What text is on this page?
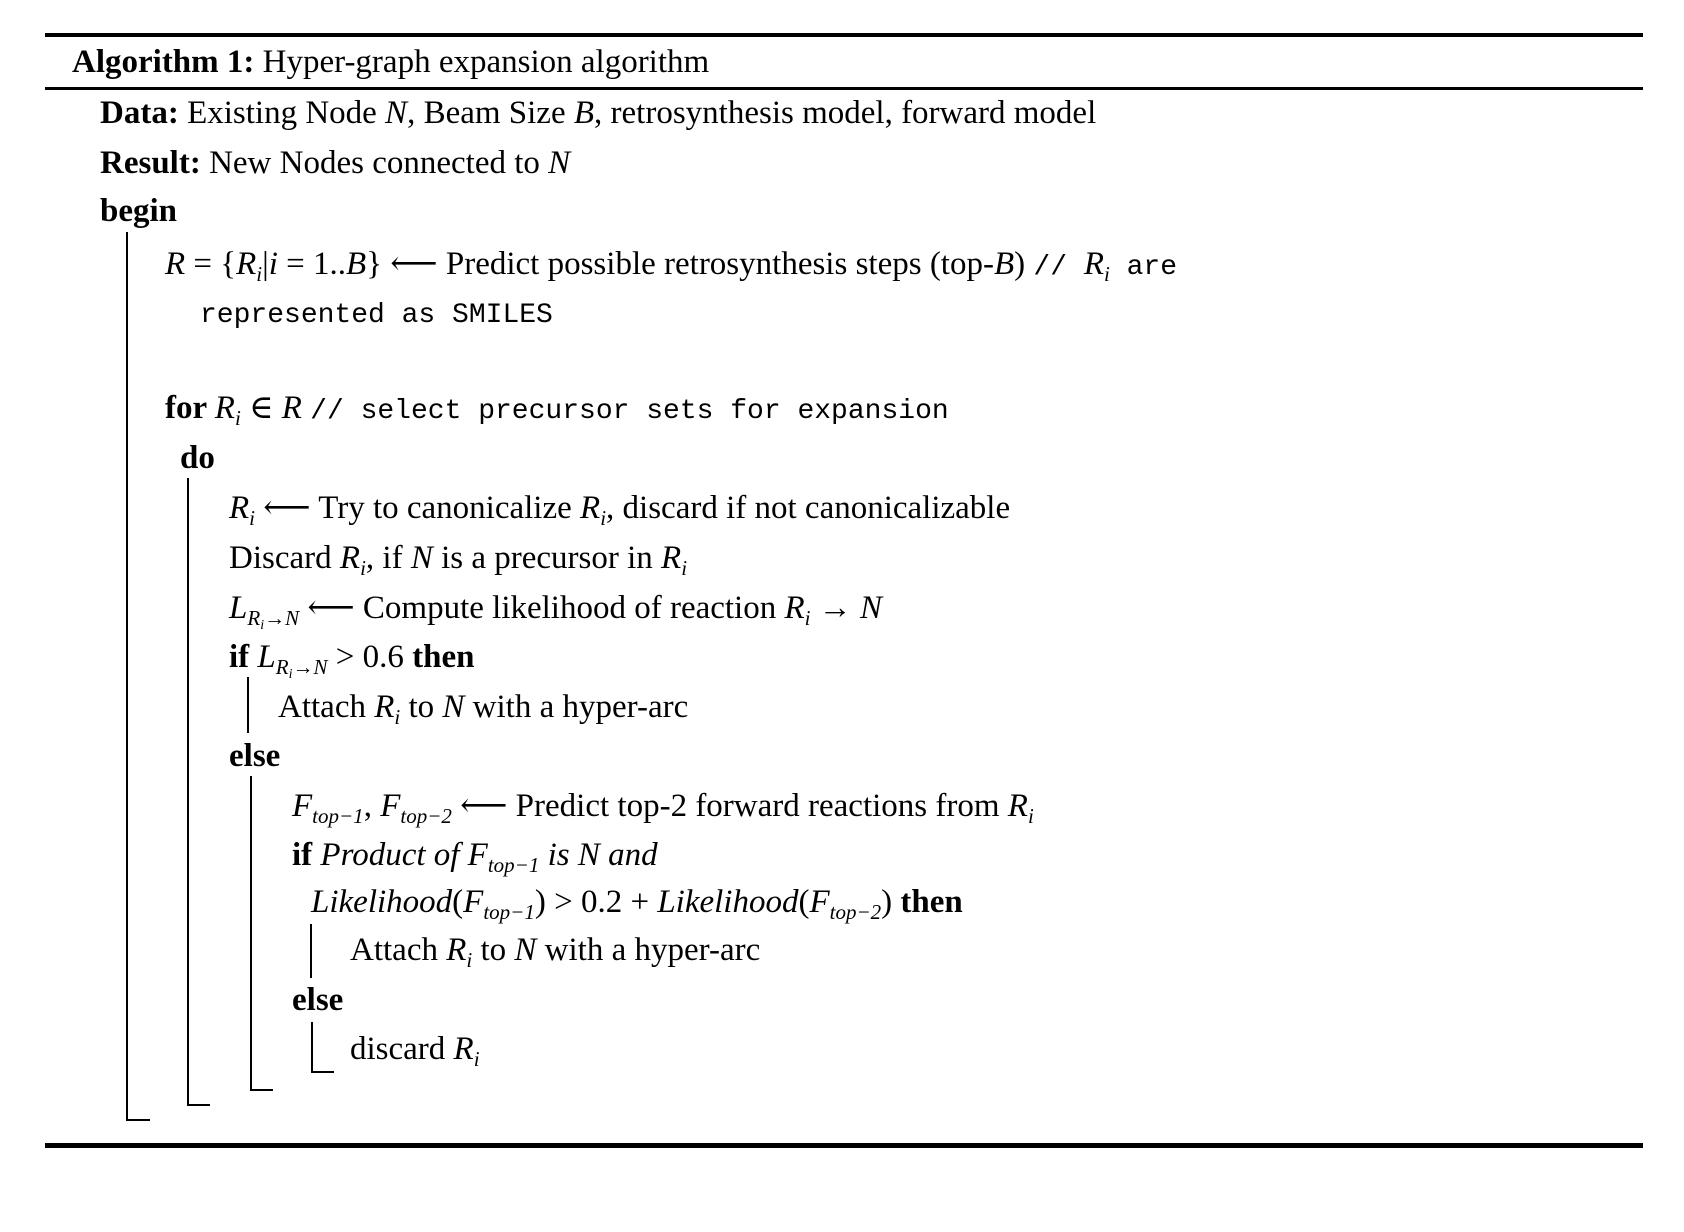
Algorithm 1: Hyper-graph expansion algorithm
Data: Existing Node N, Beam Size B, retrosynthesis model, forward model
Result: New Nodes connected to N
begin
$R = \{R_i|i = 1..B\}$ ⟵ Predict possible retrosynthesis steps $(top-B) // R_i$ are
represented as SMILES
for $R_i$ ∈ R // select precursor sets for expansion
do
$R_i$ ⟵ Try to canonicalize $R_i$, discard if not canonicalizable
Discard $R_i$, if N is a precursor in $R_i$
$L_{Ri\to N}$ ⟵ Compute likelihood of reaction $R_i \to N$
if $L_{Ri\to N} > 0.6$ then
Attach $R_i$ to N with a hyper-arc
else
$F_{top-1}$, $F_{top-2}$ ⟵ Predict top-2 forward reactions from $R_i$
if Product of $F_{top-1}$ is N and
$Likelihood(F_{top-1}) > 0.2$ + $Likelihood(F_{top-2})$ then
Attach $R_i$ to N with a hyper-arc
else
discard $R_i$
